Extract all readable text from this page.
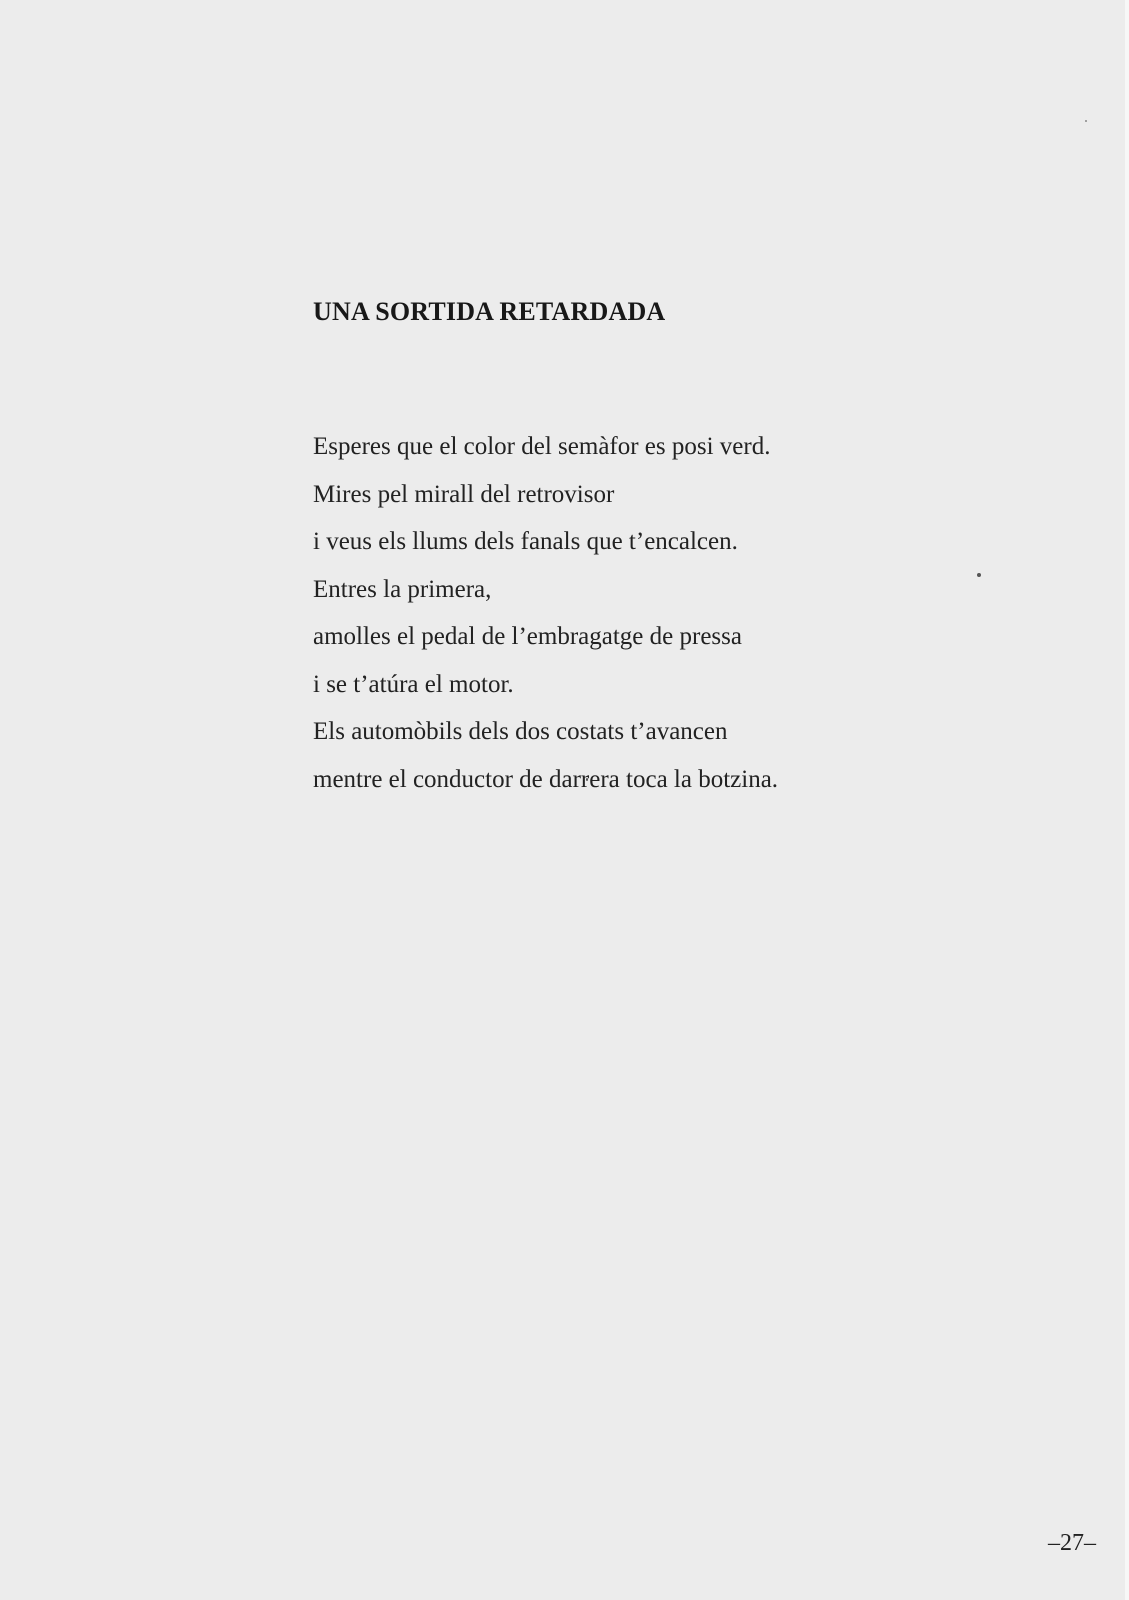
UNA SORTIDA RETARDADA
Esperes que el color del semàfor es posi verd.
Mires pel mirall del retrovisor
i veus els llums dels fanals que t’encalcen.
Entres la primera,
amolles el pedal de l’embragatge de pressa
i se t’atúra el motor.
Els automòbils dels dos costats t’avancen
mentre el conductor de darrera toca la botzina.
–27–
